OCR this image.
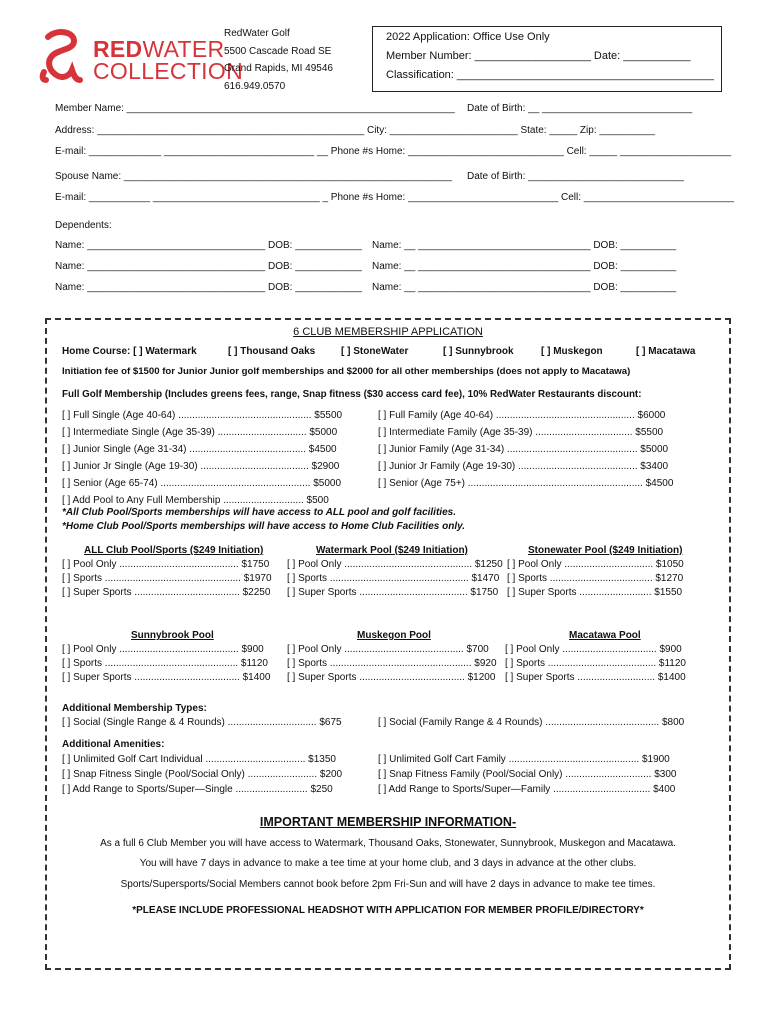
REDWATER
COLLECTION
RedWater Golf
5500 Cascade Road SE
Grand Rapids, MI 49546
616.949.0570
2022 Application: Office Use Only
Member Number: ___________________ Date: ___________
Classification: __________________________________________
Member Name: ___________________________________________________________ Date of Birth: __ ___________________________
Address: ________________________________________________ City: _______________________ State: _____ Zip: __________
E-mail: _____________ ___________________________ __ Phone #s Home: ____________________________ Cell: _____ ____________________
Spouse Name: ___________________________________________________________ Date of Birth: ____________________________
E-mail: ___________ ______________________________ _ Phone #s Home: ___________________________ Cell: ___________________________
Dependents:
Name: ________________________________ DOB: ____________ Name: __ _______________________________ DOB: __________
Name: ________________________________ DOB: ____________ Name: __ _______________________________ DOB: __________
Name: ________________________________ DOB: ____________ Name: __ _______________________________ DOB: __________
6 CLUB MEMBERSHIP APPLICATION
Home Course: [ ] Watermark	[ ] Thousand Oaks	[ ] StoneWater	[ ] Sunnybrook	[ ] Muskegon	[ ] Macatawa
Initiation fee of $1500 for Junior Junior golf memberships and $2000 for all other memberships (does not apply to Macatawa)
Full Golf Membership (Includes greens fees, range, Snap fitness ($30 access card fee), 10% RedWater Restaurants discount:
[ ] Full Single (Age 40-64) ................................................ $5500
[ ] Intermediate Single (Age 35-39) ................................ $5000
[ ] Junior Single (Age 31-34) .......................................... $4500
[ ] Junior Jr Single (Age 19-30) ....................................... $2900
[ ] Senior (Age 65-74) ...................................................... $5000
[ ] Add Pool to Any Full Membership ............................. $500
[ ] Full Family (Age 40-64) .................................................. $6000
[ ] Intermediate Family (Age 35-39) ................................... $5500
[ ] Junior Family (Age 31-34) ............................................... $5000
[ ] Junior Jr Family (Age 19-30) ........................................... $3400
[ ] Senior (Age 75+) ............................................................... $4500
*All Club Pool/Sports memberships will have access to ALL pool and golf facilities.
*Home Club Pool/Sports memberships will have access to Home Club Facilities only.
ALL Club Pool/Sports ($249 Initiation)
[ ] Pool Only ........................................... $1750
[ ] Sports ................................................. $1970
[ ] Super Sports ...................................... $2250
Watermark Pool ($249 Initiation)
[ ] Pool Only .............................................. $1250
[ ] Sports .................................................. $1470
[ ] Super Sports ....................................... $1750
Stonewater Pool ($249 Initiation)
[ ] Pool Only ................................ $1050
[ ] Sports ..................................... $1270
[ ] Super Sports .......................... $1550
Sunnybrook Pool
[ ] Pool Only ........................................... $900
[ ] Sports ................................................ $1120
[ ] Super Sports ...................................... $1400
Muskegon Pool
[ ] Pool Only ........................................... $700
[ ] Sports ................................................... $920
[ ] Super Sports ...................................... $1200
Macatawa Pool
[ ] Pool Only .................................. $900
[ ] Sports ....................................... $1120
[ ] Super Sports ............................ $1400
Additional Membership Types:
[ ] Social (Single Range & 4 Rounds) ................................ $675	[ ] Social (Family Range & 4 Rounds) ......................................... $800
Additional Amenities:
[ ] Unlimited Golf Cart Individual .................................... $1350
[ ] Snap Fitness Single (Pool/Social Only) ......................... $200
[ ] Add Range to Sports/Super—Single .......................... $250
[ ] Unlimited Golf Cart Family ............................................... $1900
[ ] Snap Fitness Family (Pool/Social Only) ............................... $300
[ ] Add Range to Sports/Super—Family ................................... $400
IMPORTANT MEMBERSHIP INFORMATION-
As a full 6 Club Member you will have access to Watermark, Thousand Oaks, Stonewater, Sunnybrook, Muskegon and Macatawa.
You will have 7 days in advance to make a tee time at your home club, and 3 days in advance at the other clubs.
Sports/Supersports/Social Members cannot book before 2pm Fri-Sun and will have 2 days in advance to make tee times.
*PLEASE INCLUDE PROFESSIONAL HEADSHOT WITH APPLICATION FOR MEMBER PROFILE/DIRECTORY*
